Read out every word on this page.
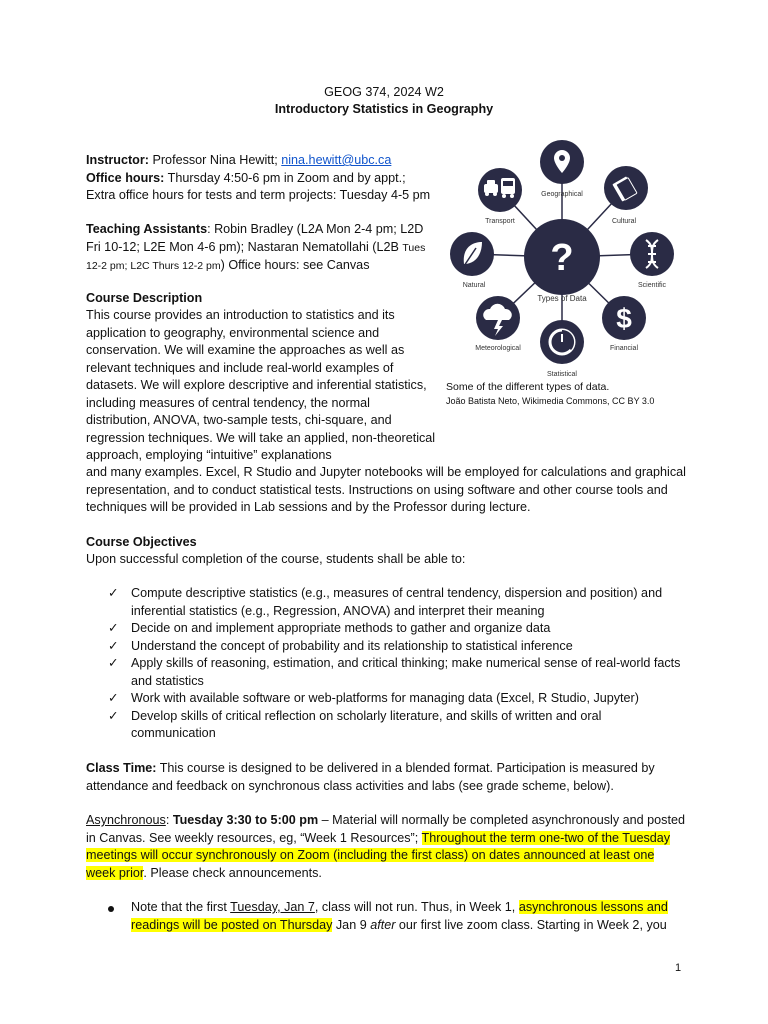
GEOG 374, 2024 W2
Introductory Statistics in Geography
Instructor: Professor Nina Hewitt; nina.hewitt@ubc.ca
Office hours: Thursday 4:50-6 pm in Zoom and by appt.; Extra office hours for tests and term projects: Tuesday 4-5 pm
Teaching Assistants: Robin Bradley (L2A Mon 2-4 pm; L2D Fri 10-12; L2E Mon 4-6 pm); Nastaran Nematollahi (L2B Tues 12-2 pm; L2C Thurs 12-2 pm) Office hours: see Canvas
Course Description
This course provides an introduction to statistics and its
application to geography, environmental science and
conservation. We will examine the approaches as well as
relevant techniques and include real-world examples of
datasets. We will explore descriptive and inferential statistics,
including measures of central tendency, the normal
distribution, ANOVA, two-sample tests, chi-square, and
regression techniques. We will take an applied, non-theoretical
approach, employing “intuitive” explanations
and many examples. Excel, R Studio and Jupyter notebooks will be employed for calculations and graphical representation, and to conduct statistical tests. Instructions on using software and other course tools and techniques will be provided in Lab sessions and by the Professor during lecture.
?
Types of Data
Geographical
Cultural
Scientific
$
Financial
Statistical
Meteorological
Natural
Transport
Some of the different types of data.
João Batista Neto, Wikimedia Commons, CC BY 3.0
Course Objectives
Upon successful completion of the course, students shall be able to:
✓ Compute descriptive statistics (e.g., measures of central tendency, dispersion and position) and inferential statistics (e.g., Regression, ANOVA) and interpret their meaning
✓ Decide on and implement appropriate methods to gather and organize data
✓ Understand the concept of probability and its relationship to statistical inference
✓ Apply skills of reasoning, estimation, and critical thinking; make numerical sense of real-world facts and statistics
✓ Work with available software or web-platforms for managing data (Excel, R Studio, Jupyter)
✓ Develop skills of critical reflection on scholarly literature, and skills of written and oral communication
Class Time: This course is designed to be delivered in a blended format. Participation is measured by attendance and feedback on synchronous class activities and labs (see grade scheme, below).
Asynchronous: Tuesday 3:30 to 5:00 pm – Material will normally be completed asynchronously and posted in Canvas. See weekly resources, eg, “Week 1 Resources”; Throughout the term one-two of the Tuesday meetings will occur synchronously on Zoom (including the first class) on dates announced at least one week prior. Please check announcements.
Note that the first Tuesday, Jan 7, class will not run. Thus, in Week 1, asynchronous lessons and readings will be posted on Thursday Jan 9 after our first live zoom class. Starting in Week 2, you
1
